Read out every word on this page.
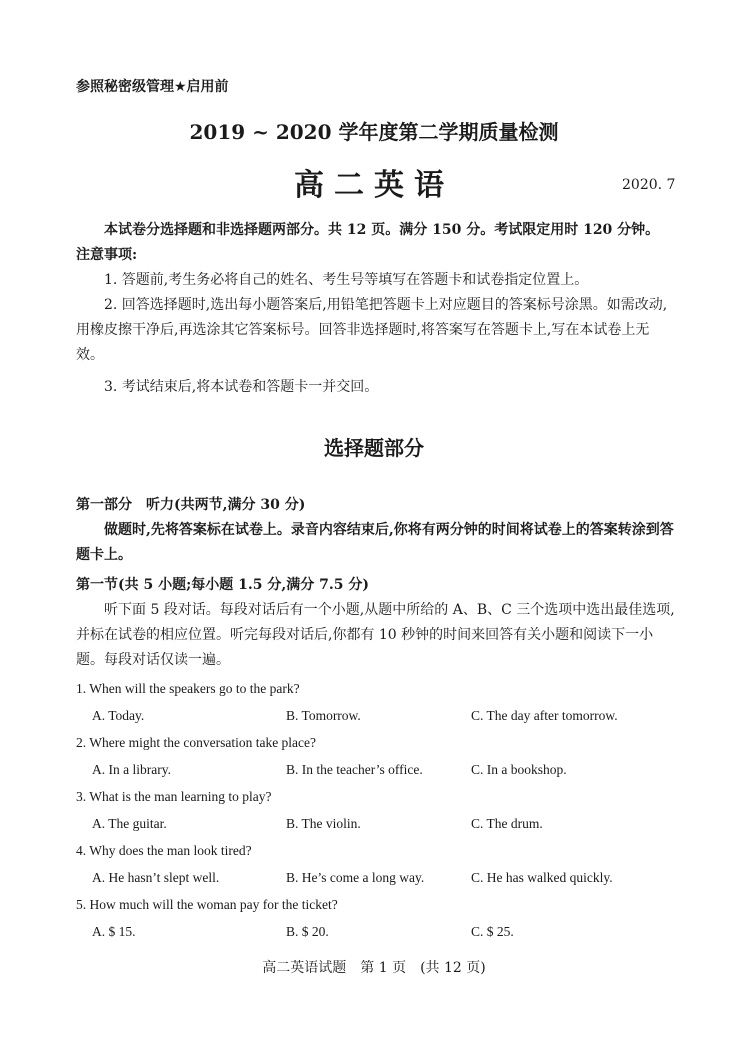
参照秘密级管理★启用前
2019 ~ 2020 学年度第二学期质量检测
高二英语	2020. 7
本试卷分选择题和非选择题两部分。共 12 页。满分 150 分。考试限定用时 120 分钟。
注意事项:
1. 答题前,考生务必将自己的姓名、考生号等填写在答题卡和试卷指定位置上。
2. 回答选择题时,选出每小题答案后,用铅笔把答题卡上对应题目的答案标号涂黑。如需改动,用橡皮擦干净后,再选涂其它答案标号。回答非选择题时,将答案写在答题卡上,写在本试卷上无效。
3. 考试结束后,将本试卷和答题卡一并交回。
选择题部分
第一部分　听力(共两节,满分 30 分)
做题时,先将答案标在试卷上。录音内容结束后,你将有两分钟的时间将试卷上的答案转涂到答题卡上。
第一节(共 5 小题;每小题 1.5 分,满分 7.5 分)
听下面 5 段对话。每段对话后有一个小题,从题中所给的 A、B、C 三个选项中选出最佳选项,并标在试卷的相应位置。听完每段对话后,你都有 10 秒钟的时间来回答有关小题和阅读下一小题。每段对话仅读一遍。
1. When will the speakers go to the park?
A. Today.	B. Tomorrow.	C. The day after tomorrow.
2. Where might the conversation take place?
A. In a library.	B. In the teacher’s office.	C. In a bookshop.
3. What is the man learning to play?
A. The guitar.	B. The violin.	C. The drum.
4. Why does the man look tired?
A. He hasn’t slept well.	B. He’s come a long way.	C. He has walked quickly.
5. How much will the woman pay for the ticket?
A. $ 15.	B. $ 20.	C. $ 25.
高二英语试题　第 1 页　(共 12 页)
